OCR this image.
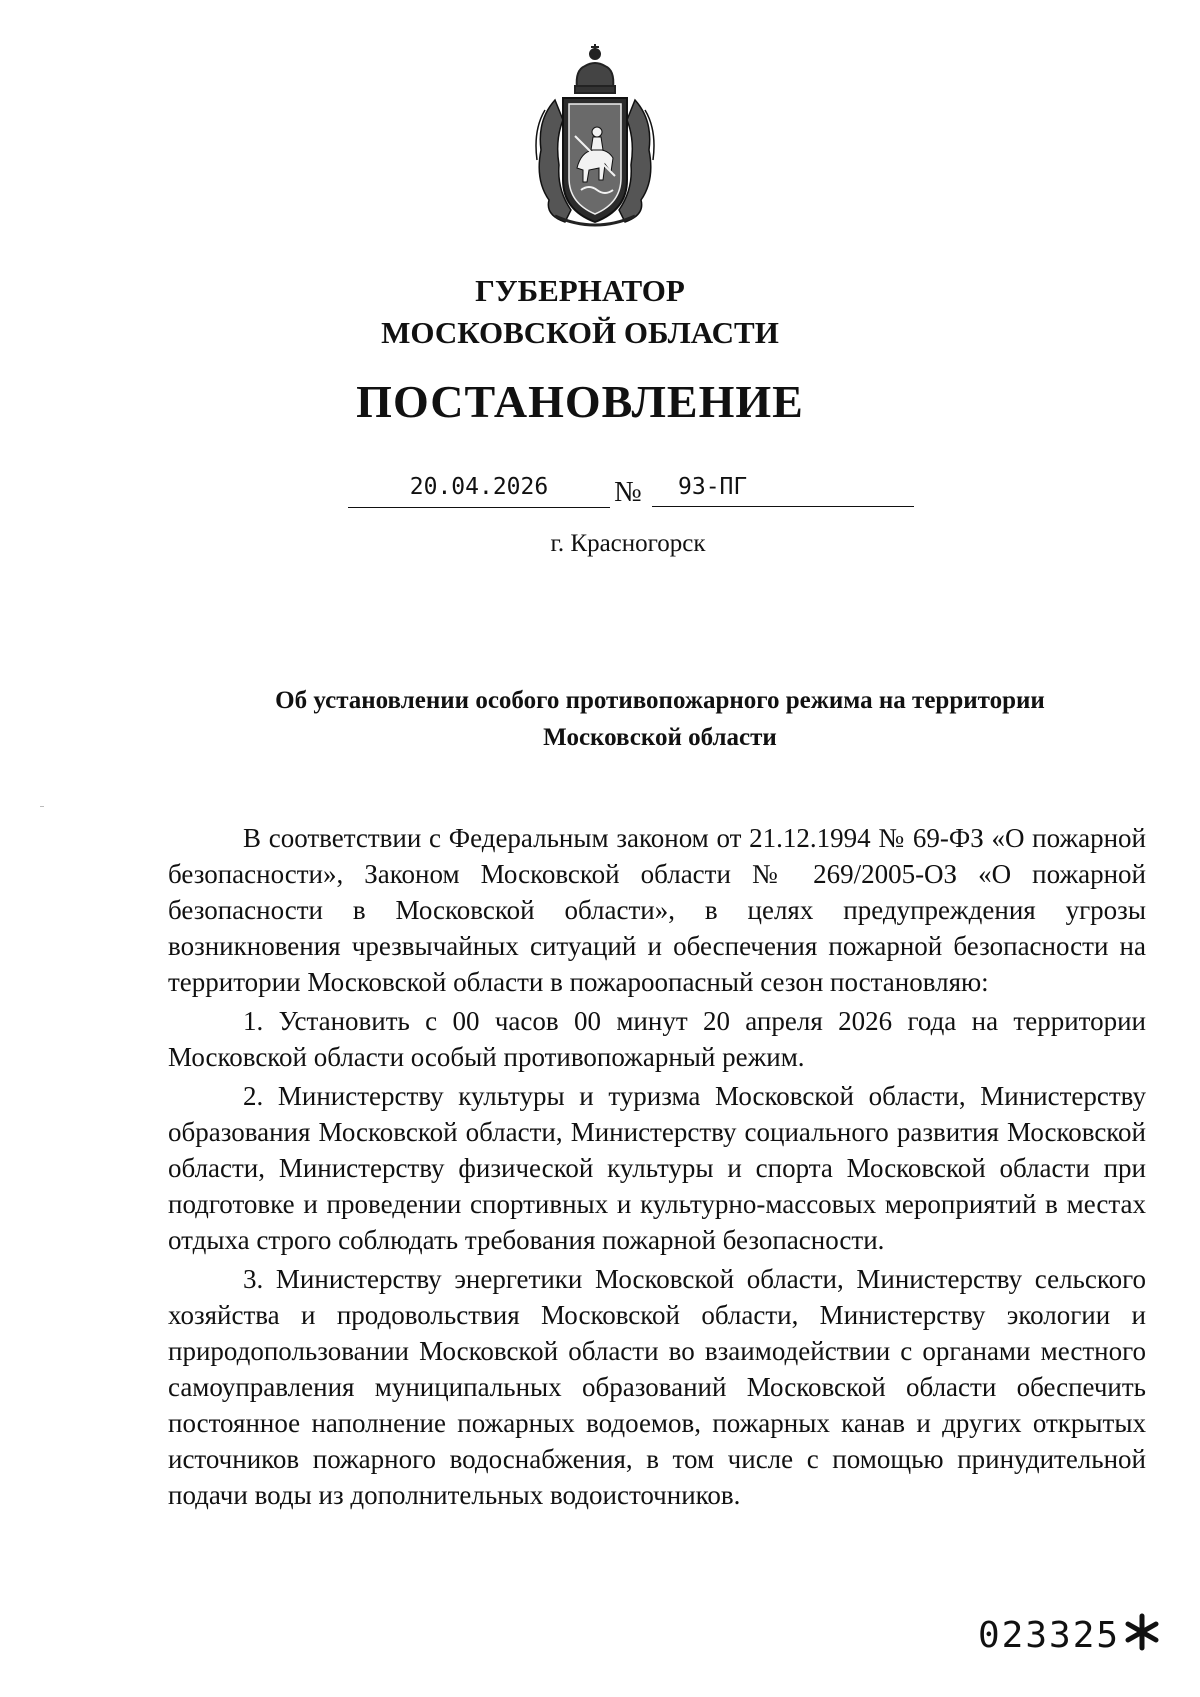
ГУБЕРНАТОР
МОСКОВСКОЙ ОБЛАСТИ
ПОСТАНОВЛЕНИЕ
20.04.2026	№	93-ПГ
г. Красногорск
Об установлении особого противопожарного режима на территории
Московской области

В соответствии с Федеральным законом от 21.12.1994 № 69-ФЗ «О пожарной безопасности», Законом Московской области № 269/2005-ОЗ «О пожарной безопасности в Московской области», в целях предупреждения угрозы возникновения чрезвычайных ситуаций и обеспечения пожарной безопасности на территории Московской области в пожароопасный сезон постановляю:

1. Установить с 00 часов 00 минут 20 апреля 2026 года на территории Московской области особый противопожарный режим.

2. Министерству культуры и туризма Московской области, Министерству образования Московской области, Министерству социального развития Московской области, Министерству физической культуры и спорта Московской области при подготовке и проведении спортивных и культурно-массовых мероприятий в местах отдыха строго соблюдать требования пожарной безопасности.

3. Министерству энергетики Московской области, Министерству сельского хозяйства и продовольствия Московской области, Министерству экологии и природопользовании Московской области во взаимодействии с органами местного самоуправления муниципальных образований Московской области обеспечить постоянное наполнение пожарных водоемов, пожарных канав и других открытых источников пожарного водоснабжения, в том числе с помощью принудительной подачи воды из дополнительных водоисточников.

023325
